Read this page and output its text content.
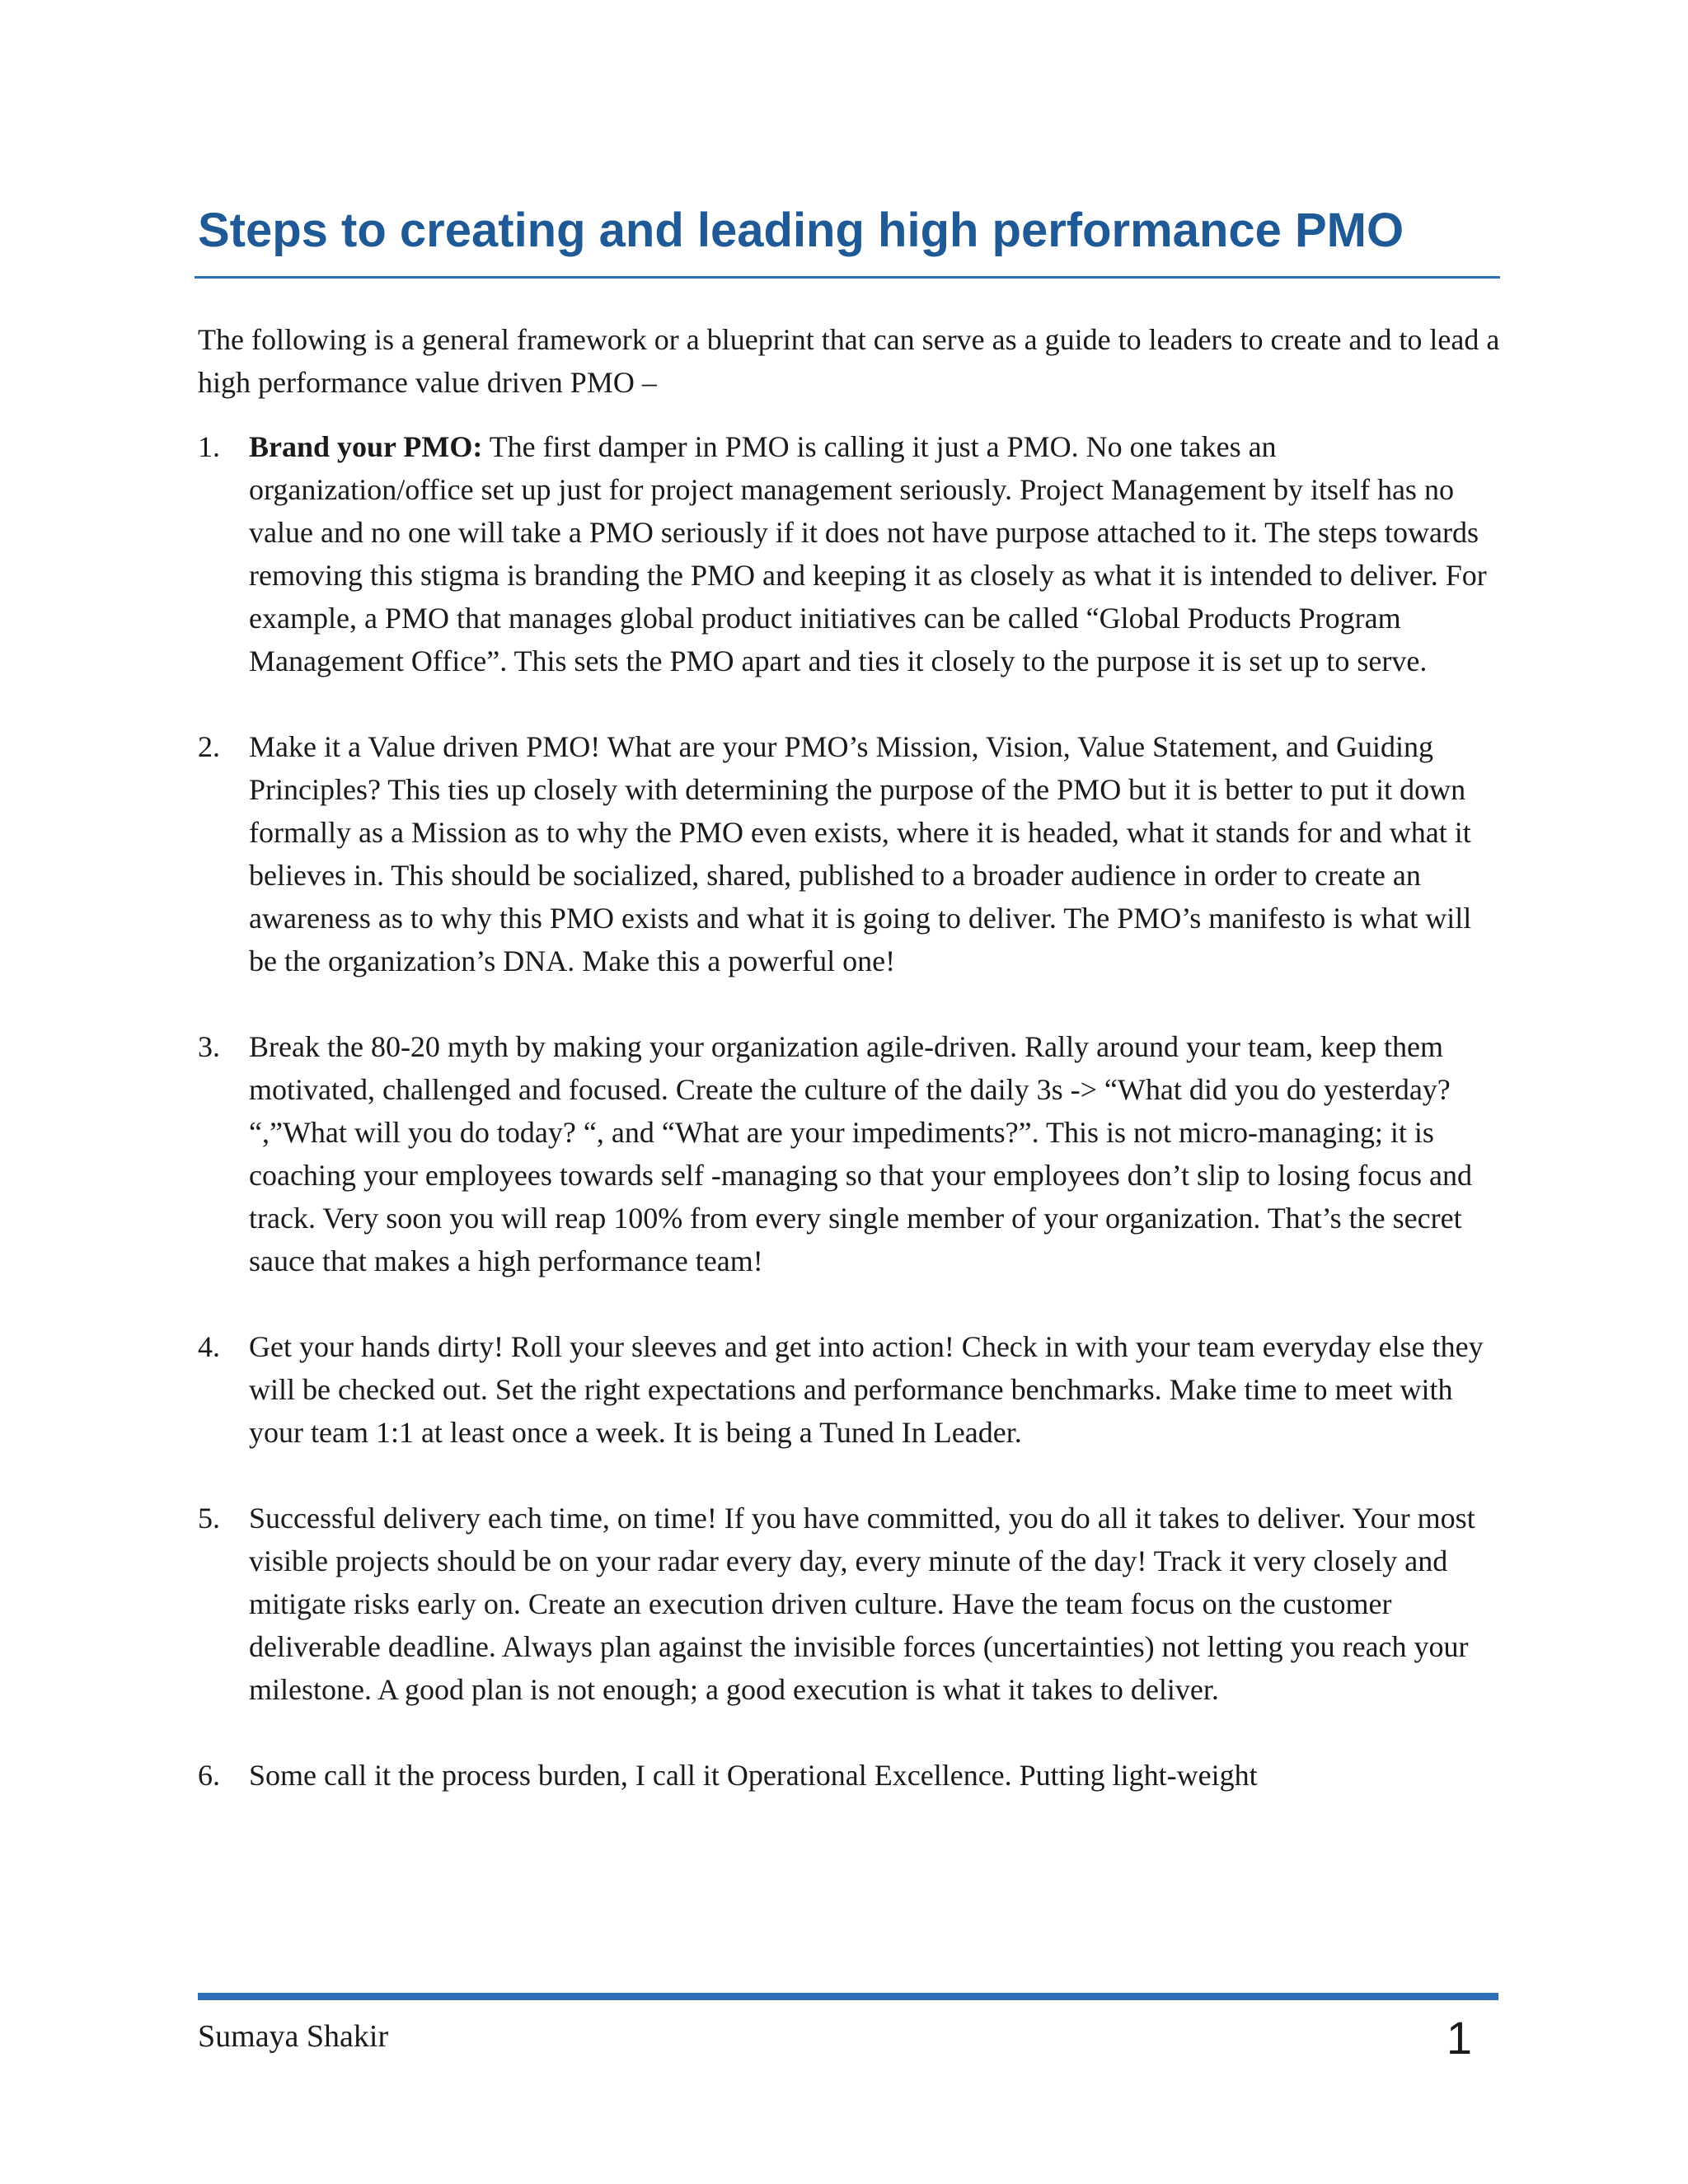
Steps to creating and leading high performance PMO

The following is a general framework or a blueprint that can serve as a guide to leaders to create and to lead a high performance value driven PMO –

1. Brand your PMO: The first damper in PMO is calling it just a PMO. No one takes an organization/office set up just for project management seriously. Project Management by itself has no value and no one will take a PMO seriously if it does not have purpose attached to it. The steps towards removing this stigma is branding the PMO and keeping it as closely as what it is intended to deliver. For example, a PMO that manages global product initiatives can be called “Global Products Program Management Office”. This sets the PMO apart and ties it closely to the purpose it is set up to serve.
2. Make it a Value driven PMO! What are your PMO’s Mission, Vision, Value Statement, and Guiding Principles? This ties up closely with determining the purpose of the PMO but it is better to put it down formally as a Mission as to why the PMO even exists, where it is headed, what it stands for and what it believes in. This should be socialized, shared, published to a broader audience in order to create an awareness as to why this PMO exists and what it is going to deliver. The PMO’s manifesto is what will be the organization’s DNA. Make this a powerful one!
3. Break the 80-20 myth by making your organization agile-driven. Rally around your team, keep them motivated, challenged and focused. Create the culture of the daily 3s -> “What did you do yesterday? “,”What will you do today? “, and “What are your impediments?”. This is not micro-managing; it is coaching your employees towards self -managing so that your employees don’t slip to losing focus and track. Very soon you will reap 100% from every single member of your organization. That’s the secret sauce that makes a high performance team!
4. Get your hands dirty! Roll your sleeves and get into action! Check in with your team everyday else they will be checked out. Set the right expectations and performance benchmarks. Make time to meet with your team 1:1 at least once a week. It is being a Tuned In Leader.
5. Successful delivery each time, on time! If you have committed, you do all it takes to deliver. Your most visible projects should be on your radar every day, every minute of the day! Track it very closely and mitigate risks early on. Create an execution driven culture. Have the team focus on the customer deliverable deadline. Always plan against the invisible forces (uncertainties) not letting you reach your milestone. A good plan is not enough; a good execution is what it takes to deliver.
6. Some call it the process burden, I call it Operational Excellence. Putting light-weight
Sumaya Shakir	1
